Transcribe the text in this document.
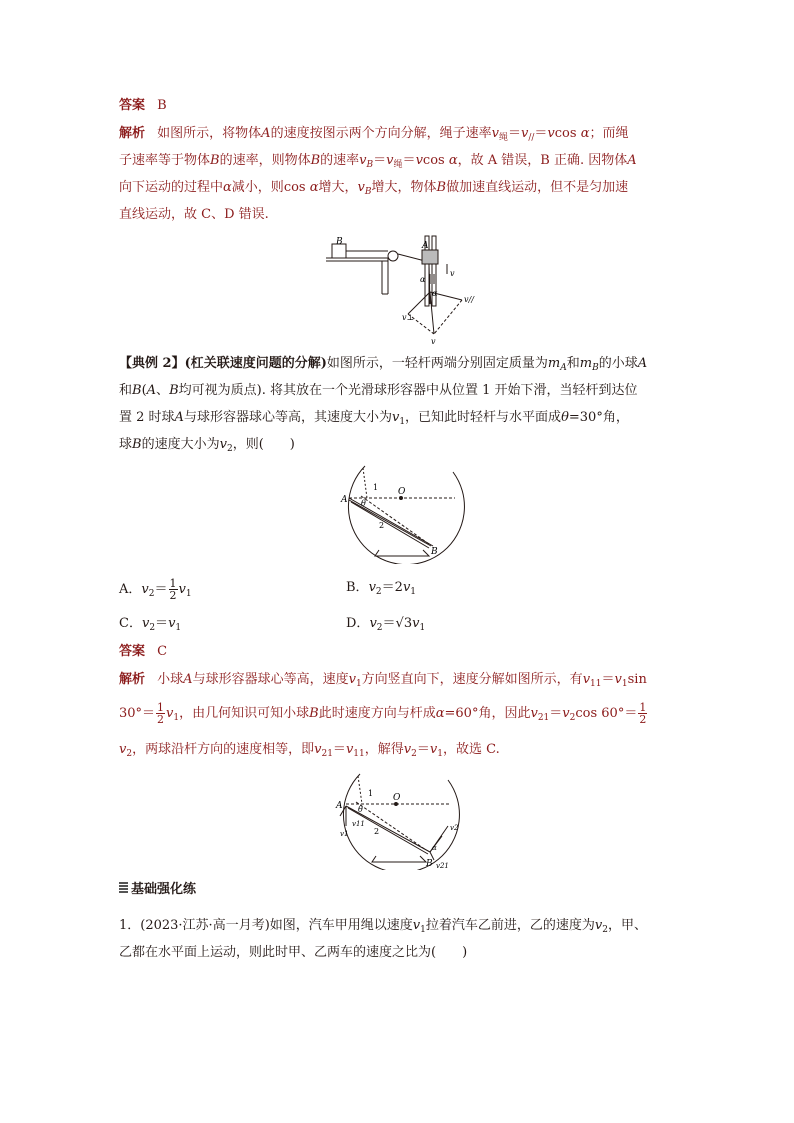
答案 B
解析 如图所示，将物体A的速度按图示两个方向分解，绳子速率$v_绳=v_{//}=vcos$ α；而绳
子速率等于物体B的速率，则物体B的速率$v_B=v_绳=vcos$ α，故 A 错误，B 正确. 因物体A
向下运动的过程中α减小，则cos α增大，$v_B$增大，物体B做加速直线运动，但不是匀加速
直线运动，故 C、D 错误.
B	A
α
α
v
v//
v⊥
v
【典例 2】(杠关联速度问题的分解)如图所示，一轻杆两端分别固定质量为$m_A$和$m_B$的小球A
和B(A、B均可视为质点). 将其放在一个光滑球形容器中从位置 1 开始下滑，当轻杆到达位
置 2 时球A与球形容器球心等高，其速度大小为$v_1$，已知此时轻杆与水平面成θ=30°角，
球B的速度大小为$v_2$，则(　　)
A
B
O
1
2
θ
A．$v_2= \frac{1}{2} v_1$	B．$v_2=2v_1$
C．$v_2=v_1$	D．$v_2=√3v_1$
答案 C
解析 小球A与球形容器球心等高，速度$v_1$方向竖直向下，速度分解如图所示，有$v_{11}=v_1\sin$
$30^\circ= \frac{1}{2} v_1$，由几何知识可知小球B此时速度方向与杆成α=60°角，因此$v_{21}=v_2\cos$ $60^\circ= \frac{1}{2}$
$v_2$，两球沿杆方向的速度相等，即$v_{21}=v_{11}$，解得$v_2=v_1$，故选 C.
A
B
O
1
2
θ
v1
v11	v2
v21
α
基础强化练
1．(2023·江苏·高一月考)如图，汽车甲用绳以速度$v_1$拉着汽车乙前进，乙的速度为$v_2$，甲、
乙都在水平面上运动，则此时甲、乙两车的速度之比为(　　)
